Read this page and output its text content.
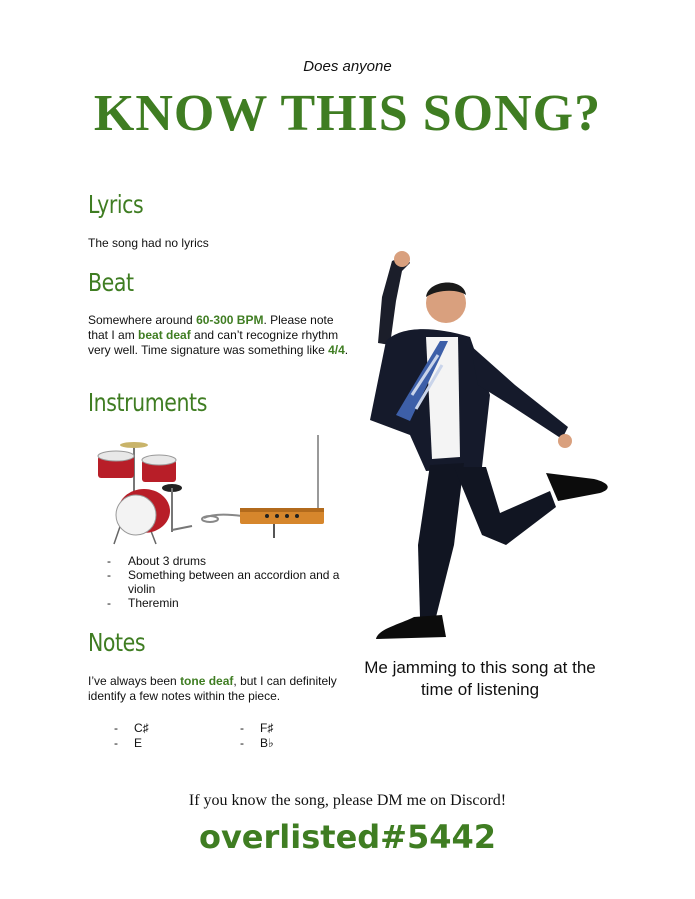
Does anyone
KNOW THIS SONG?
Lyrics
The song had no lyrics
Beat
Somewhere around 60-300 BPM. Please note that I am beat deaf and can’t recognize rhythm very well. Time signature was something like 4/4.
Instruments
- About 3 drums
- Something between an accordion and a violin
- Theremin
Notes
I’ve always been tone deaf, but I can definitely identify a few notes within the piece.
- C♯
- E
- F♯
- B♭
Me jamming to this song at the time of listening
If you know the song, please DM me on Discord!
overlisted#5442
